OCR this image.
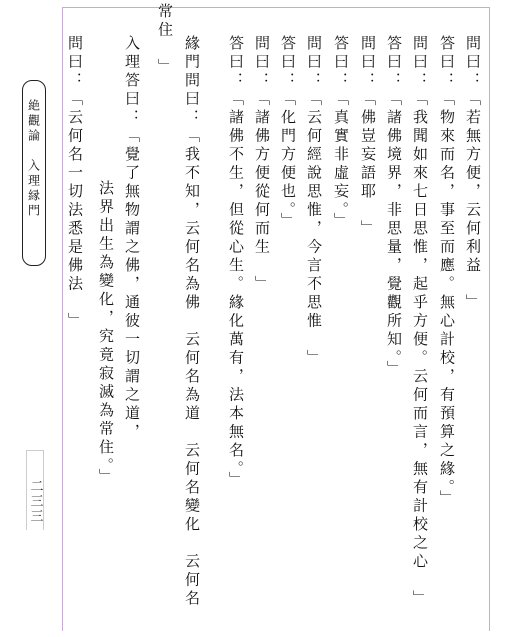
絶觀論　入理縁門
二三三
問曰：「若無方便，云何利益　」
答曰：「物來而名，事至而應。無心計校，有預算之緣。」
問曰：「我聞如來七日思惟，起乎方便。云何而言，無有計校之心　」
答曰：「諸佛境界，非思量，覺觀所知。」
問曰：「佛豈妄語耶　」
答曰：「真實非虛妄。」
問曰：「云何經說思惟，今言不思惟　」
答曰：「化門方便也。」
問曰：「諸佛方便從何而生　」
答曰：「諸佛不生，但從心生。緣化萬有，法本無名。」
緣門問曰：「我不知，云何名為佛　云何名為道　云何名變化　云何名
常住　」
入理答曰：「覺了無物謂之佛，通彼一切謂之道，
法界出生為變化，究竟寂滅為常住。」
問曰：「云何名一切法悉是佛法　」
